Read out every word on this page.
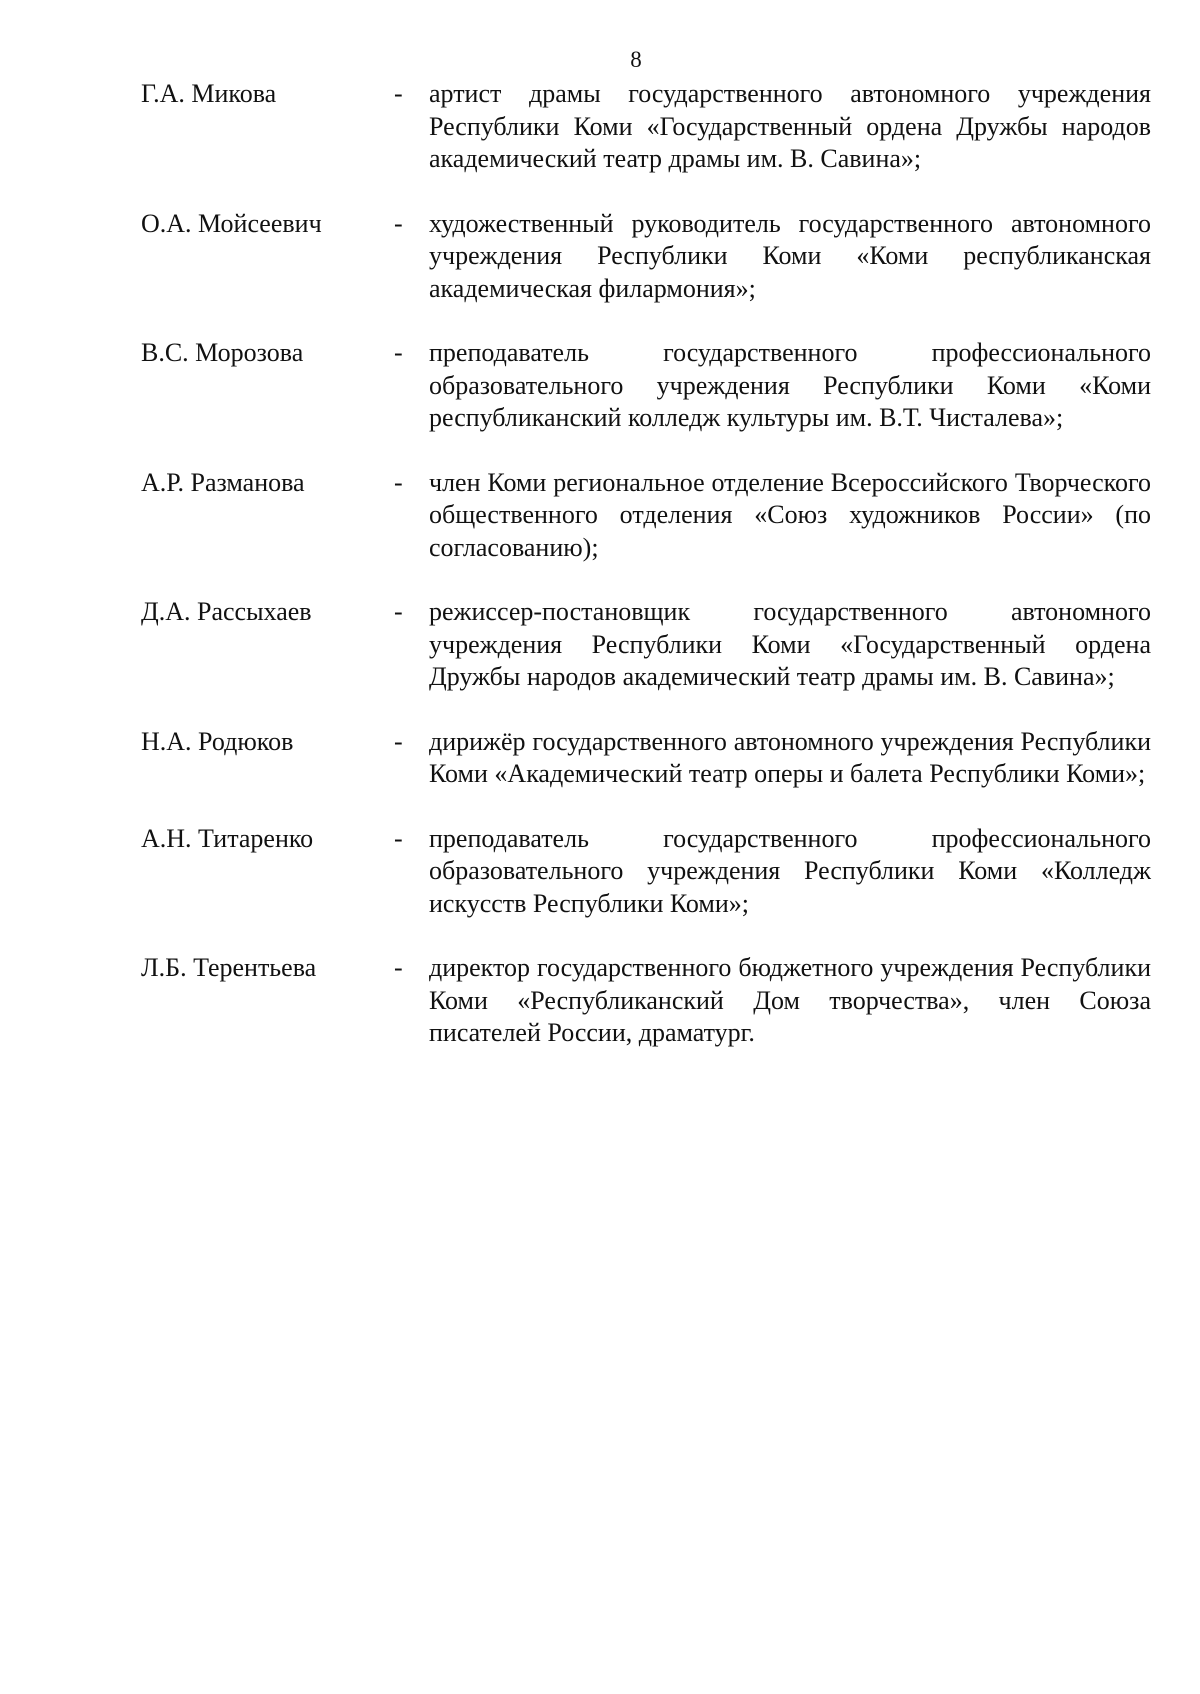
8
Г.А. Микова	-	артист драмы государственного автономного учреждения Республики Коми «Государственный ордена Дружбы народов академический театр драмы им. В. Савина»;
О.А. Мойсеевич	-	художественный руководитель государственного автономного учреждения Республики Коми «Коми республиканская академическая филармония»;
В.С. Морозова	-	преподаватель государственного профессионального образовательного учреждения Республики Коми «Коми республиканский колледж культуры им. В.Т. Чисталева»;
А.Р. Разманова	-	член Коми региональное отделение Всероссийского Творческого общественного отделения «Союз художников России» (по согласованию);
Д.А. Рассыхаев	-	режиссер-постановщик государственного автономного учреждения Республики Коми «Государственный ордена Дружбы народов академический театр драмы им. В. Савина»;
Н.А. Родюков	-	дирижёр государственного автономного учреждения Республики Коми «Академический театр оперы и балета Республики Коми»;
А.Н. Титаренко	-	преподаватель государственного профессионального образовательного учреждения Республики Коми «Колледж искусств Республики Коми»;
Л.Б. Терентьева	-	директор государственного бюджетного учреждения Республики Коми «Республиканский Дом творчества», член Союза писателей России, драматург.
